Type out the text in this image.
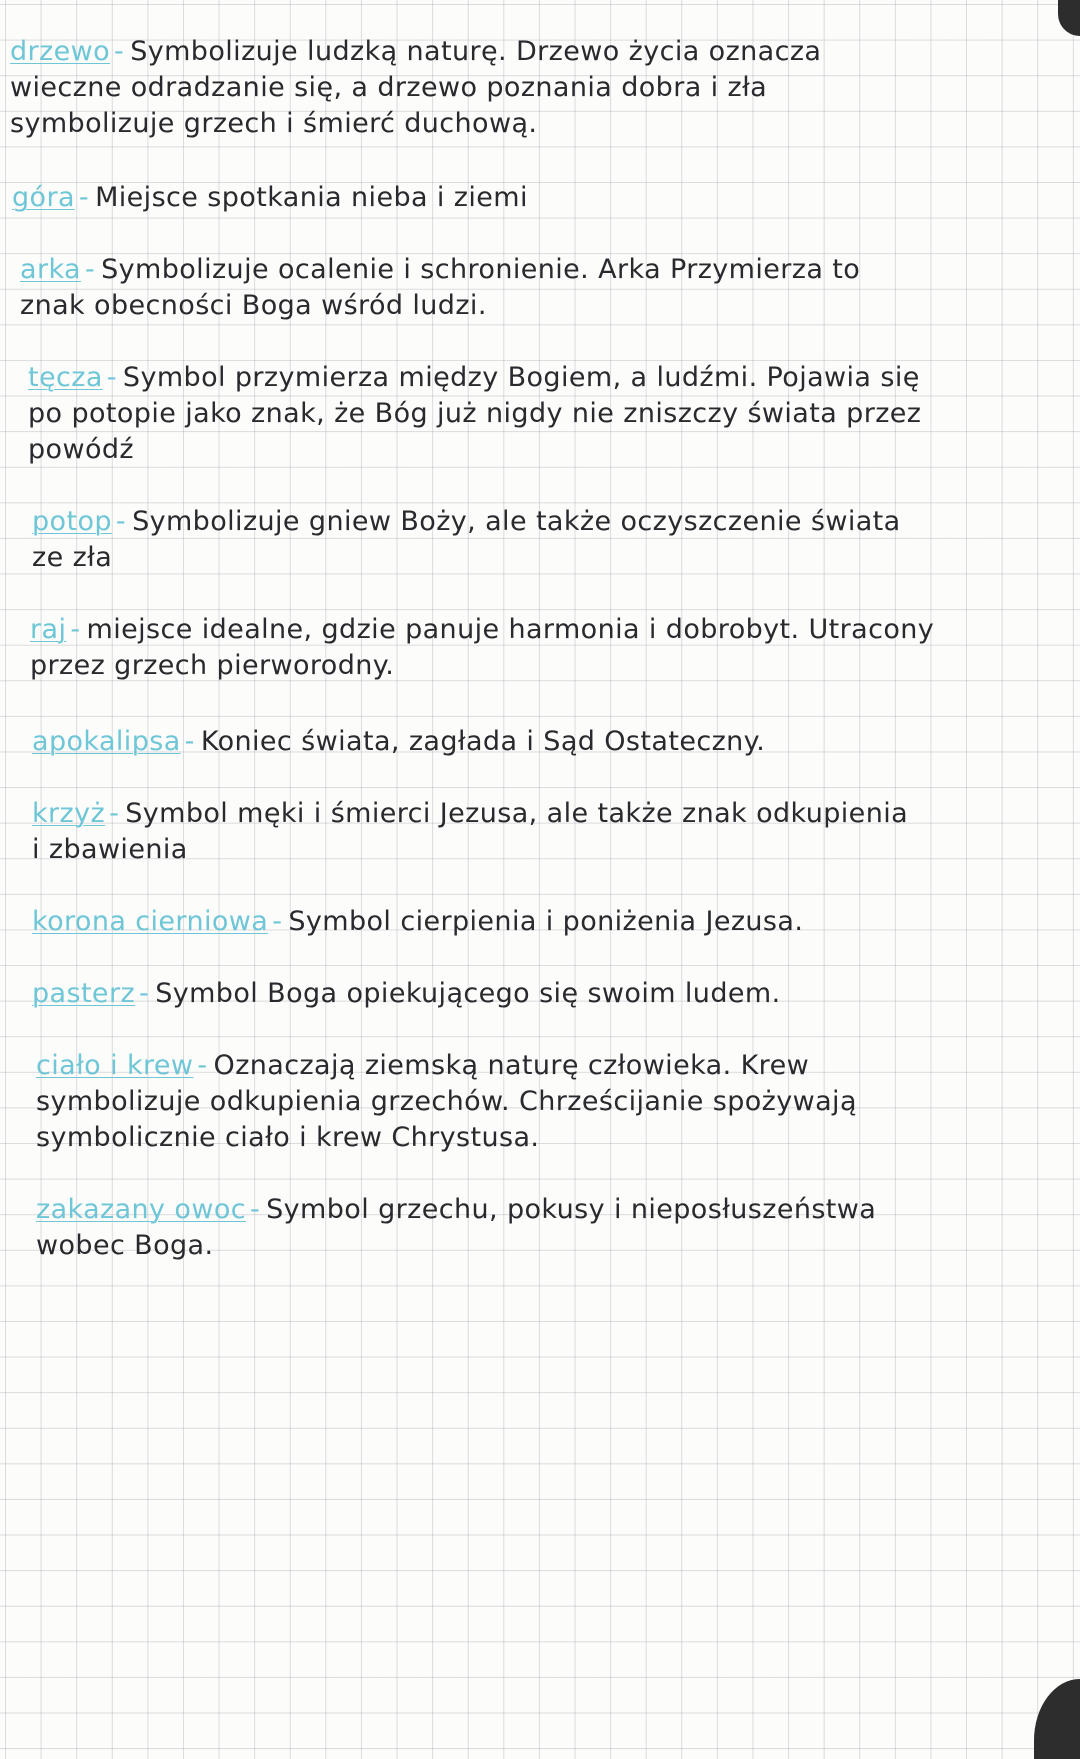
drzewo - Symbolizuje ludzką naturę. Drzewo życia oznacza wieczne odradzanie się, a drzewo poznania dobra i zła symbolizuje grzech i śmierć duchową.
góra - Miejsce spotkania nieba i ziemi
arka - Symbolizuje ocalenie i schronienie. Arka Przymierza to znak obecności Boga wśród ludzi.
tęcza - Symbol przymierza między Bogiem, a ludźmi. Pojawia się po potopie jako znak, że Bóg już nigdy nie zniszczy świata przez powódź
potop - Symbolizuje gniew Boży, ale także oczyszczenie świata ze zła
raj - miejsce idealne, gdzie panuje harmonia i dobrobyt. Utracony przez grzech pierworodny.
apokalipsa - Koniec świata, zagłada i Sąd Ostateczny.
krzyż - Symbol męki i śmierci Jezusa, ale także znak odkupienia i zbawienia
korona cierniowa - Symbol cierpienia i poniżenia Jezusa.
pasterz - Symbol Boga opiekującego się swoim ludem.
ciało i krew - Oznaczają ziemską naturę człowieka. Krew symbolizuje odkupienia grzechów. Chrześcijanie spożywają symbolicznie ciało i krew Chrystusa.
zakazany owoc - Symbol grzechu, pokusy i nieposłuszeństwa wobec Boga.
